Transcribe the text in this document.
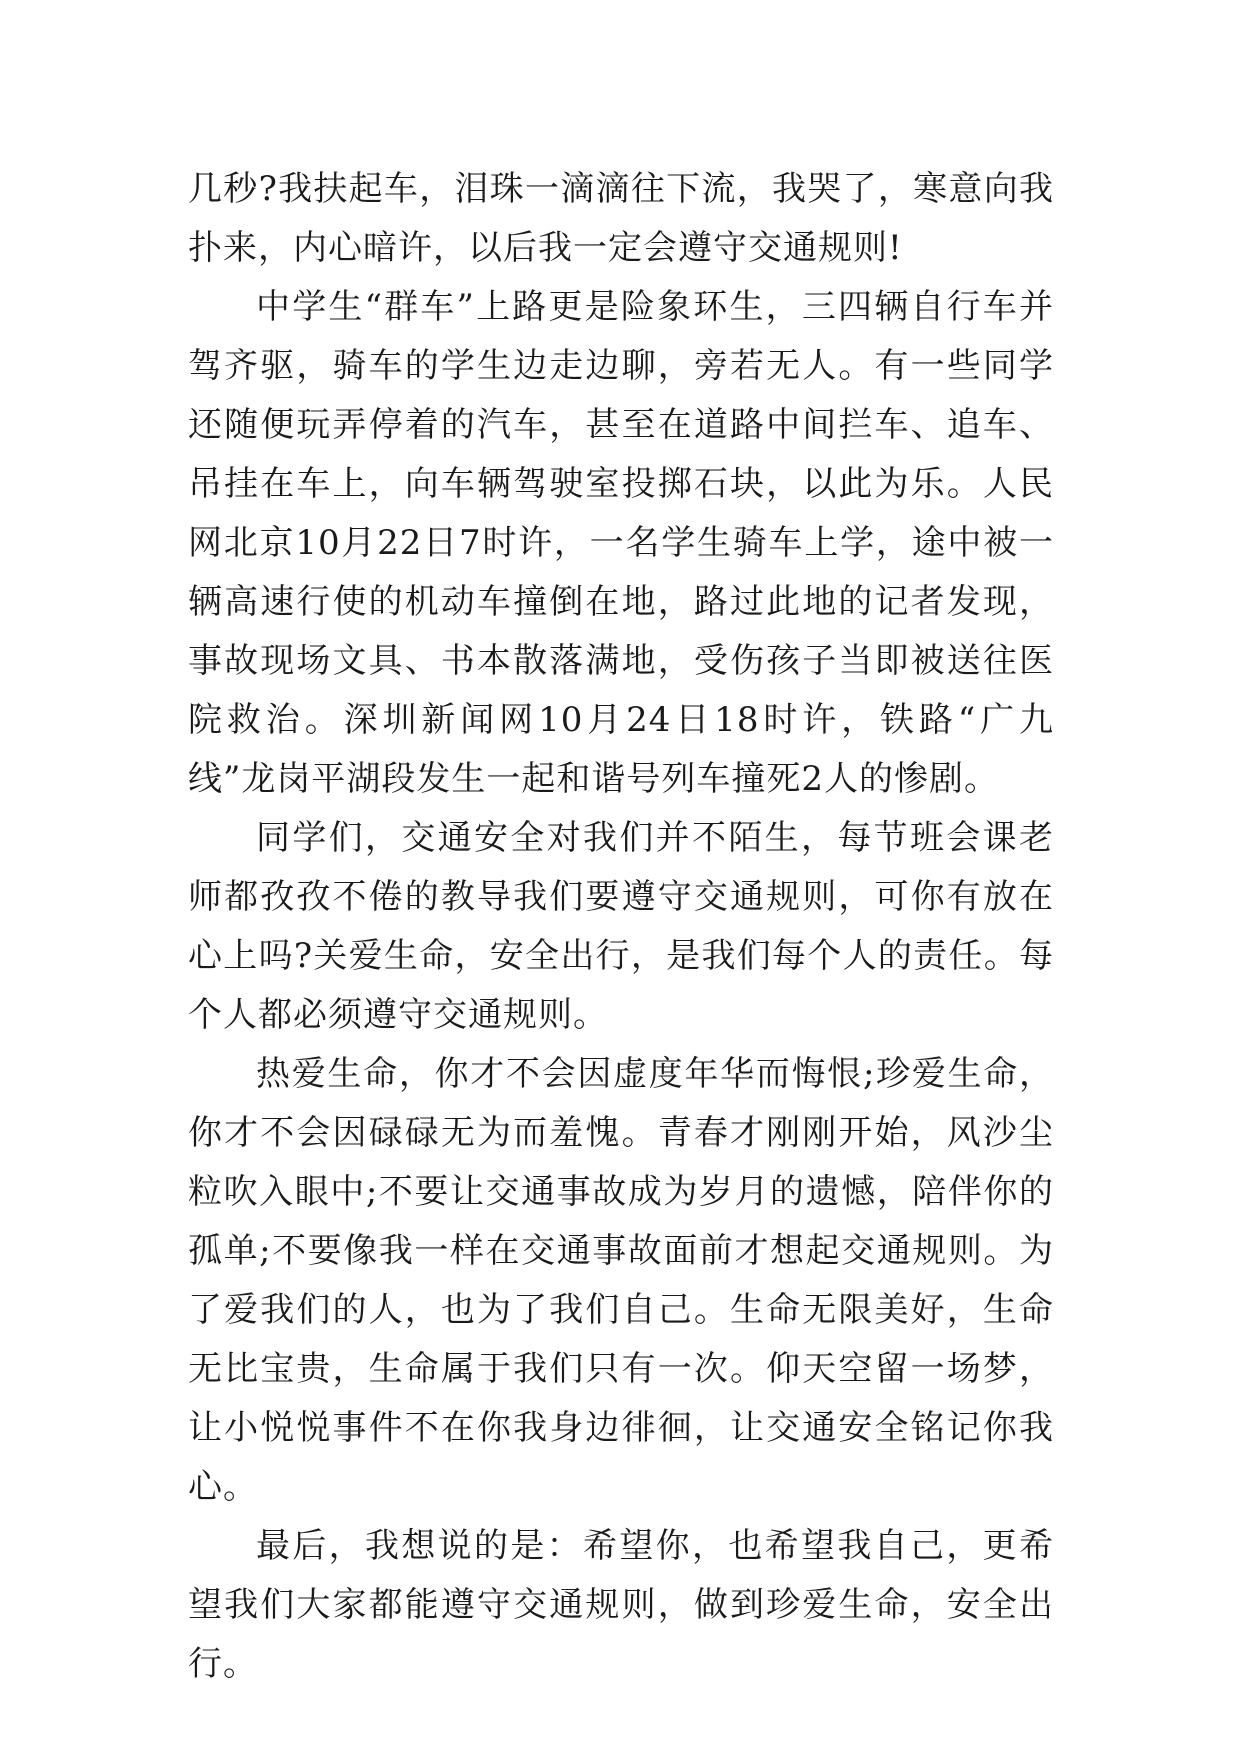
几秒?我扶起车，泪珠一滴滴往下流，我哭了，寒意向我扑来，内心暗许，以后我一定会遵守交通规则!

中学生“群车”上路更是险象环生，三四辆自行车并驾齐驱，骑车的学生边走边聊，旁若无人。有一些同学还随便玩弄停着的汽车，甚至在道路中间拦车、追车、吊挂在车上，向车辆驾驶室投掷石块，以此为乐。人民网北京10月22日7时许，一名学生骑车上学，途中被一辆高速行使的机动车撞倒在地，路过此地的记者发现，事故现场文具、书本散落满地，受伤孩子当即被送往医院救治。深圳新闻网10月24日18时许，铁路“广九线”龙岗平湖段发生一起和谐号列车撞死2人的惨剧。

同学们，交通安全对我们并不陌生，每节班会课老师都孜孜不倦的教导我们要遵守交通规则，可你有放在心上吗?关爱生命，安全出行，是我们每个人的责任。每个人都必须遵守交通规则。

热爱生命，你才不会因虚度年华而悔恨;珍爱生命，你才不会因碌碌无为而羞愧。青春才刚刚开始，风沙尘粒吹入眼中;不要让交通事故成为岁月的遗憾，陪伴你的孤单;不要像我一样在交通事故面前才想起交通规则。为了爱我们的人，也为了我们自己。生命无限美好，生命无比宝贵，生命属于我们只有一次。仰天空留一场梦，让小悦悦事件不在你我身边徘徊，让交通安全铭记你我心。

最后，我想说的是：希望你，也希望我自己，更希望我们大家都能遵守交通规则，做到珍爱生命，安全出行。
